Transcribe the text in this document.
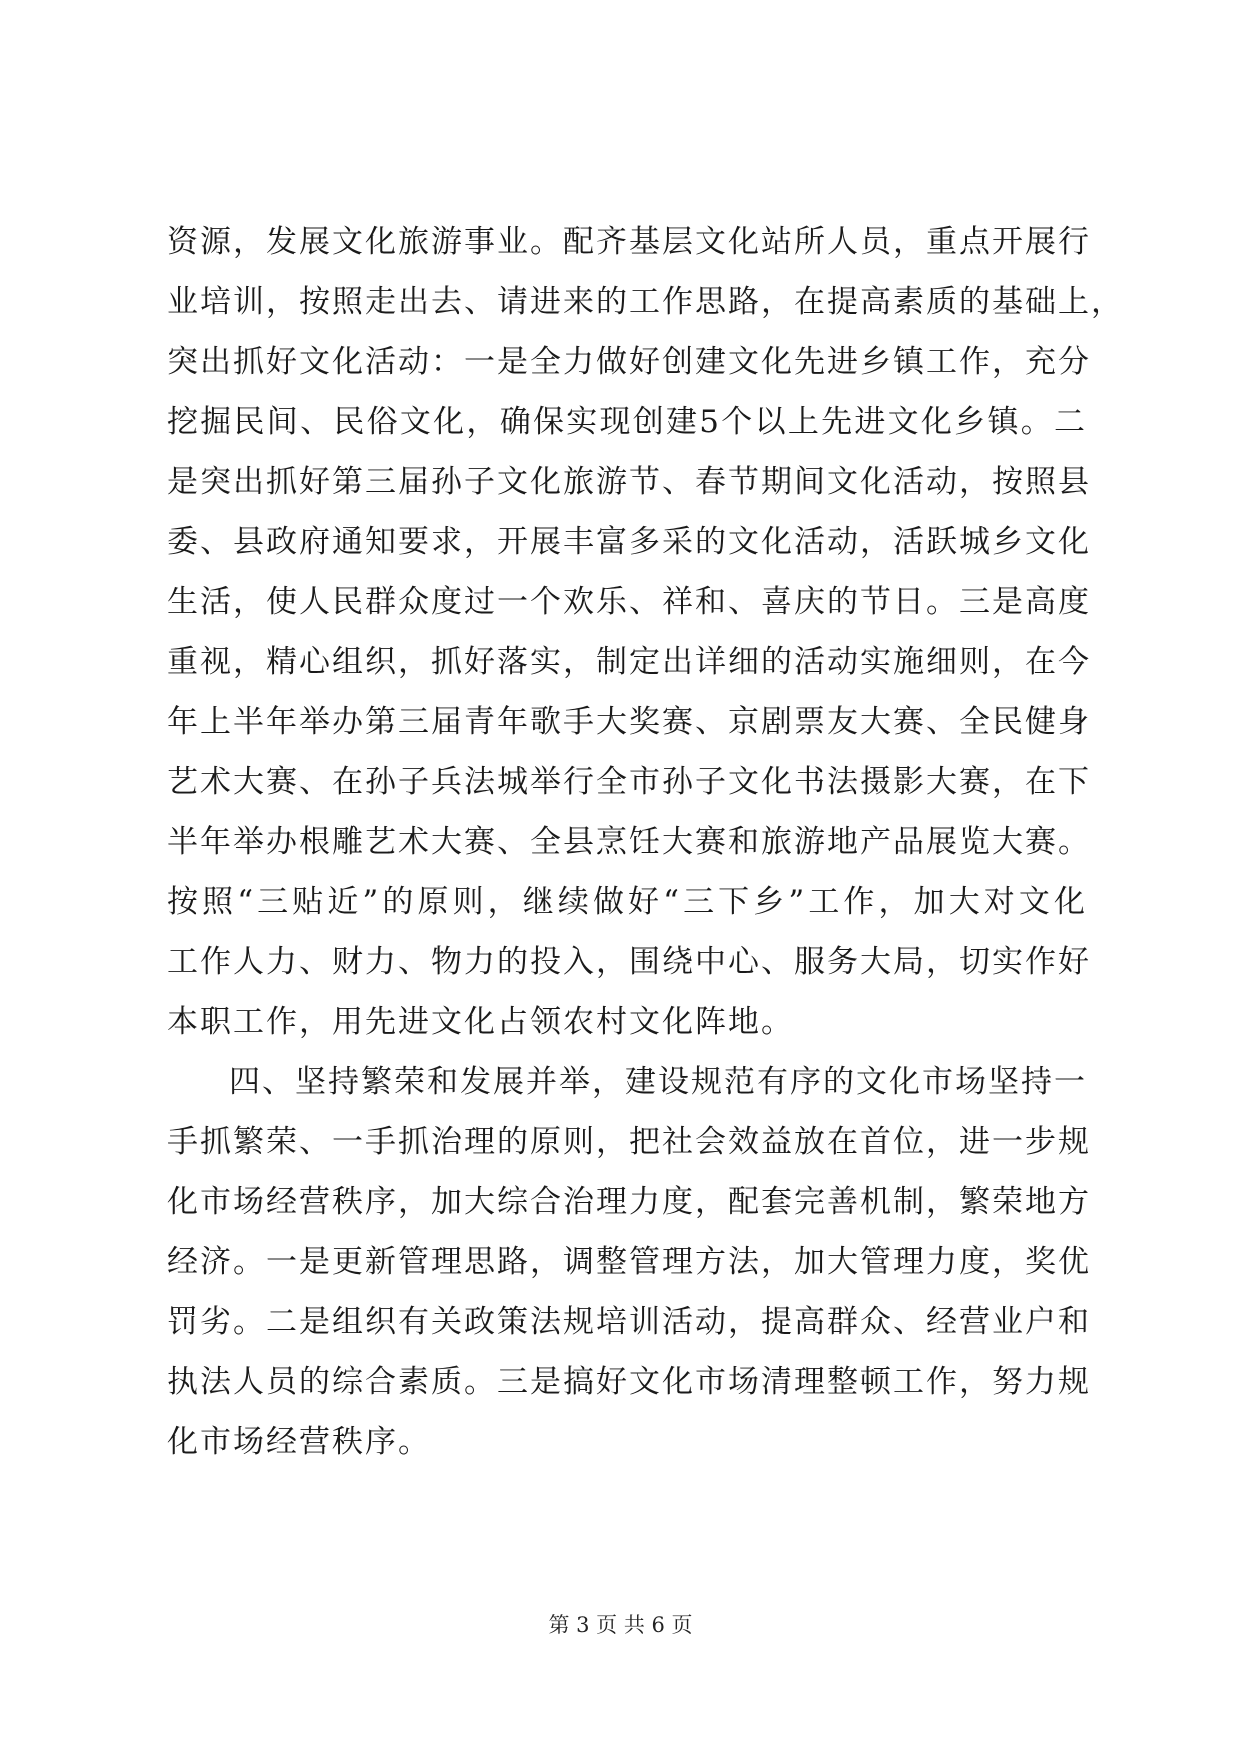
资源，发展文化旅游事业。配齐基层文化站所人员，重点开展行
业培训，按照走出去、请进来的工作思路，在提高素质的基础上，
突出抓好文化活动：一是全力做好创建文化先进乡镇工作，充分
挖掘民间、民俗文化，确保实现创建5个以上先进文化乡镇。二
是突出抓好第三届孙子文化旅游节、春节期间文化活动，按照县
委、县政府通知要求，开展丰富多采的文化活动，活跃城乡文化
生活，使人民群众度过一个欢乐、祥和、喜庆的节日。三是高度
重视，精心组织，抓好落实，制定出详细的活动实施细则，在今
年上半年举办第三届青年歌手大奖赛、京剧票友大赛、全民健身
艺术大赛、在孙子兵法城举行全市孙子文化书法摄影大赛，在下
半年举办根雕艺术大赛、全县烹饪大赛和旅游地产品展览大赛。
按照“三贴近”的原则，继续做好“三下乡”工作，加大对文化
工作人力、财力、物力的投入，围绕中心、服务大局，切实作好
本职工作，用先进文化占领农村文化阵地。
四、坚持繁荣和发展并举，建设规范有序的文化市场坚持一
手抓繁荣、一手抓治理的原则，把社会效益放在首位，进一步规
化市场经营秩序，加大综合治理力度，配套完善机制，繁荣地方
经济。一是更新管理思路，调整管理方法，加大管理力度，奖优
罚劣。二是组织有关政策法规培训活动，提高群众、经营业户和
执法人员的综合素质。三是搞好文化市场清理整顿工作，努力规
化市场经营秩序。
第 3 页 共 6 页
